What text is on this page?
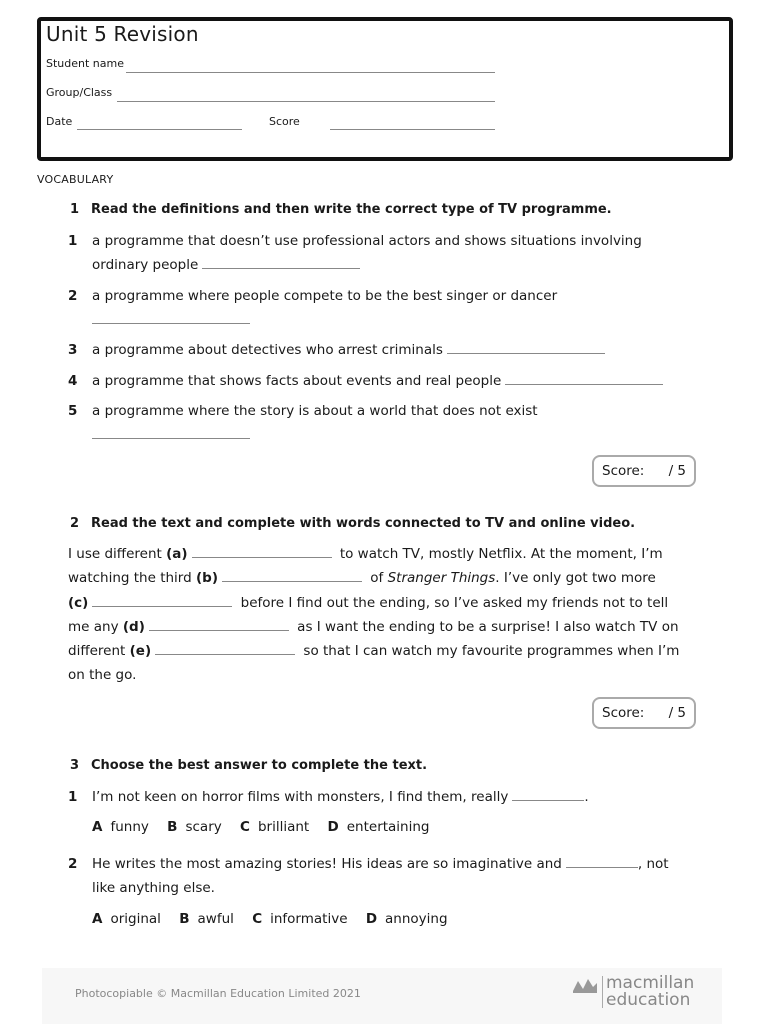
Unit 5 Revision
Student name
Group/Class
Date	Score
VOCABULARY
1 Read the definitions and then write the correct type of TV programme.
1 a programme that doesn’t use professional actors and shows situations involving
ordinary people
2 a programme where people compete to be the best singer or dancer
3 a programme about detectives who arrest criminals
4 a programme that shows facts about events and real people
5 a programme where the story is about a world that does not exist
Score: / 5
2 Read the text and complete with words connected to TV and online video.
I use different (a)	to watch TV, mostly Netflix. At the moment, I’m
watching the third (b)	of Stranger Things. I’ve only got two more
(c)	before I find out the ending, so I’ve asked my friends not to tell
me any (d)	as I want the ending to be a surprise! I also watch TV on
different (e)	so that I can watch my favourite programmes when I’m
on the go.
Score: / 5
3 Choose the best answer to complete the text.
1 I’m not keen on horror films with monsters, I find them, really	.
A funny B scary C brilliant D entertaining
2 He writes the most amazing stories! His ideas are so imaginative and	, not
like anything else.
A original B awful C informative D annoying
Photocopiable © Macmillan Education Limited 2021
macmillan
education
